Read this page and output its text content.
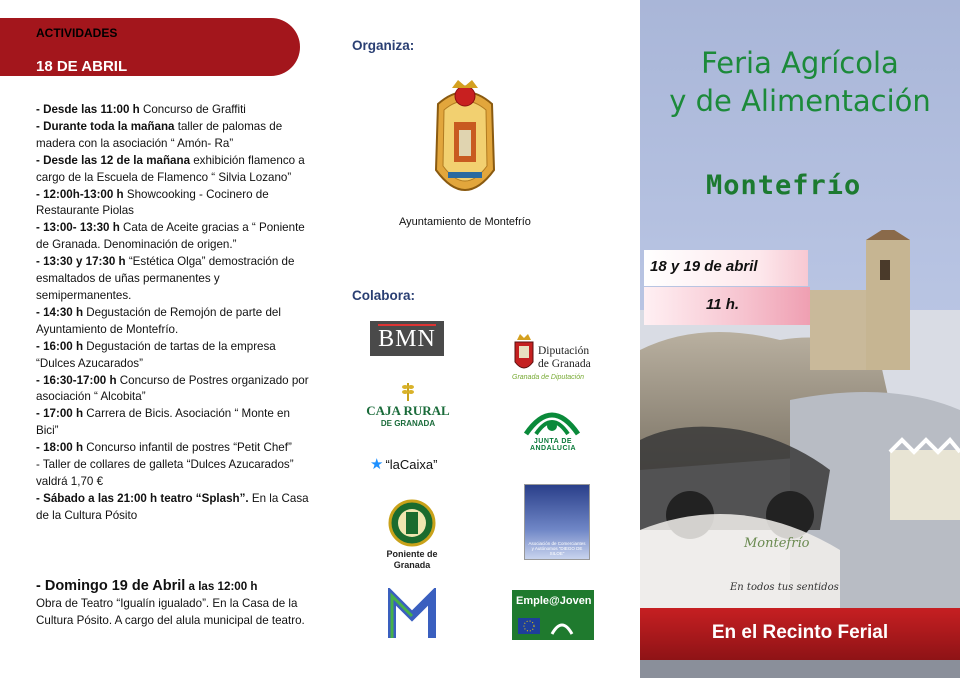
ACTIVIDADES
18 DE ABRIL

- Desde las 11:00 h Concurso de Graffiti

- Durante toda la mañana taller de palomas de madera con la asociación “ Amón- Ra”

- Desde las 12 de la mañana exhibición flamenco a cargo de la Escuela de Flamenco “ Silvia Lozano”

- 12:00h-13:00 h Showcooking - Cocinero de Restaurante Piolas

- 13:00- 13:30 h Cata de Aceite gracias a “ Poniente de Granada. Denominación de origen.”

- 13:30 y 17:30 h “Estética Olga” demostración de esmaltados de uñas permanentes y semipermanentes.

- 14:30 h Degustación de Remojón de parte del Ayuntamiento de Montefrío.

- 16:00 h Degustación de tartas de la empresa “Dulces Azucarados”

- 16:30-17:00 h Concurso de Postres organizado por asociación “ Alcobita”

- 17:00 h Carrera de Bicis. Asociación “ Monte en Bici”

- 18:00 h Concurso infantil de postres “Petit Chef”

- Taller de collares de galleta “Dulces Azucarados” valdrá 1,70 €

- Sábado a las 21:00 h teatro “Splash”. En la Casa de la Cultura Pósito

- Domingo 19 de Abril a las 12:00 h

Obra de Teatro “Igualín igualado”. En la Casa de la Cultura Pósito. A cargo del alula municipal de teatro.

Organiza:
Ayuntamiento de Montefrío
Colabora:
BMN	Diputación
de Granada
Granada de Diputación
CAJA RURAL
DE GRANADA
JUNTA DE ANDALUCIA
★ “laCaixa”
Poniente de
Granada
Asociación de Comerciantes y Autónomos “DIEGO DE SILOE”
Emple@Joven
Feria Agrícola
y de Alimentación
Montefrío
18 y 19 de abril
11 h.
Montefrío
En todos tus sentidos
En el Recinto Ferial
